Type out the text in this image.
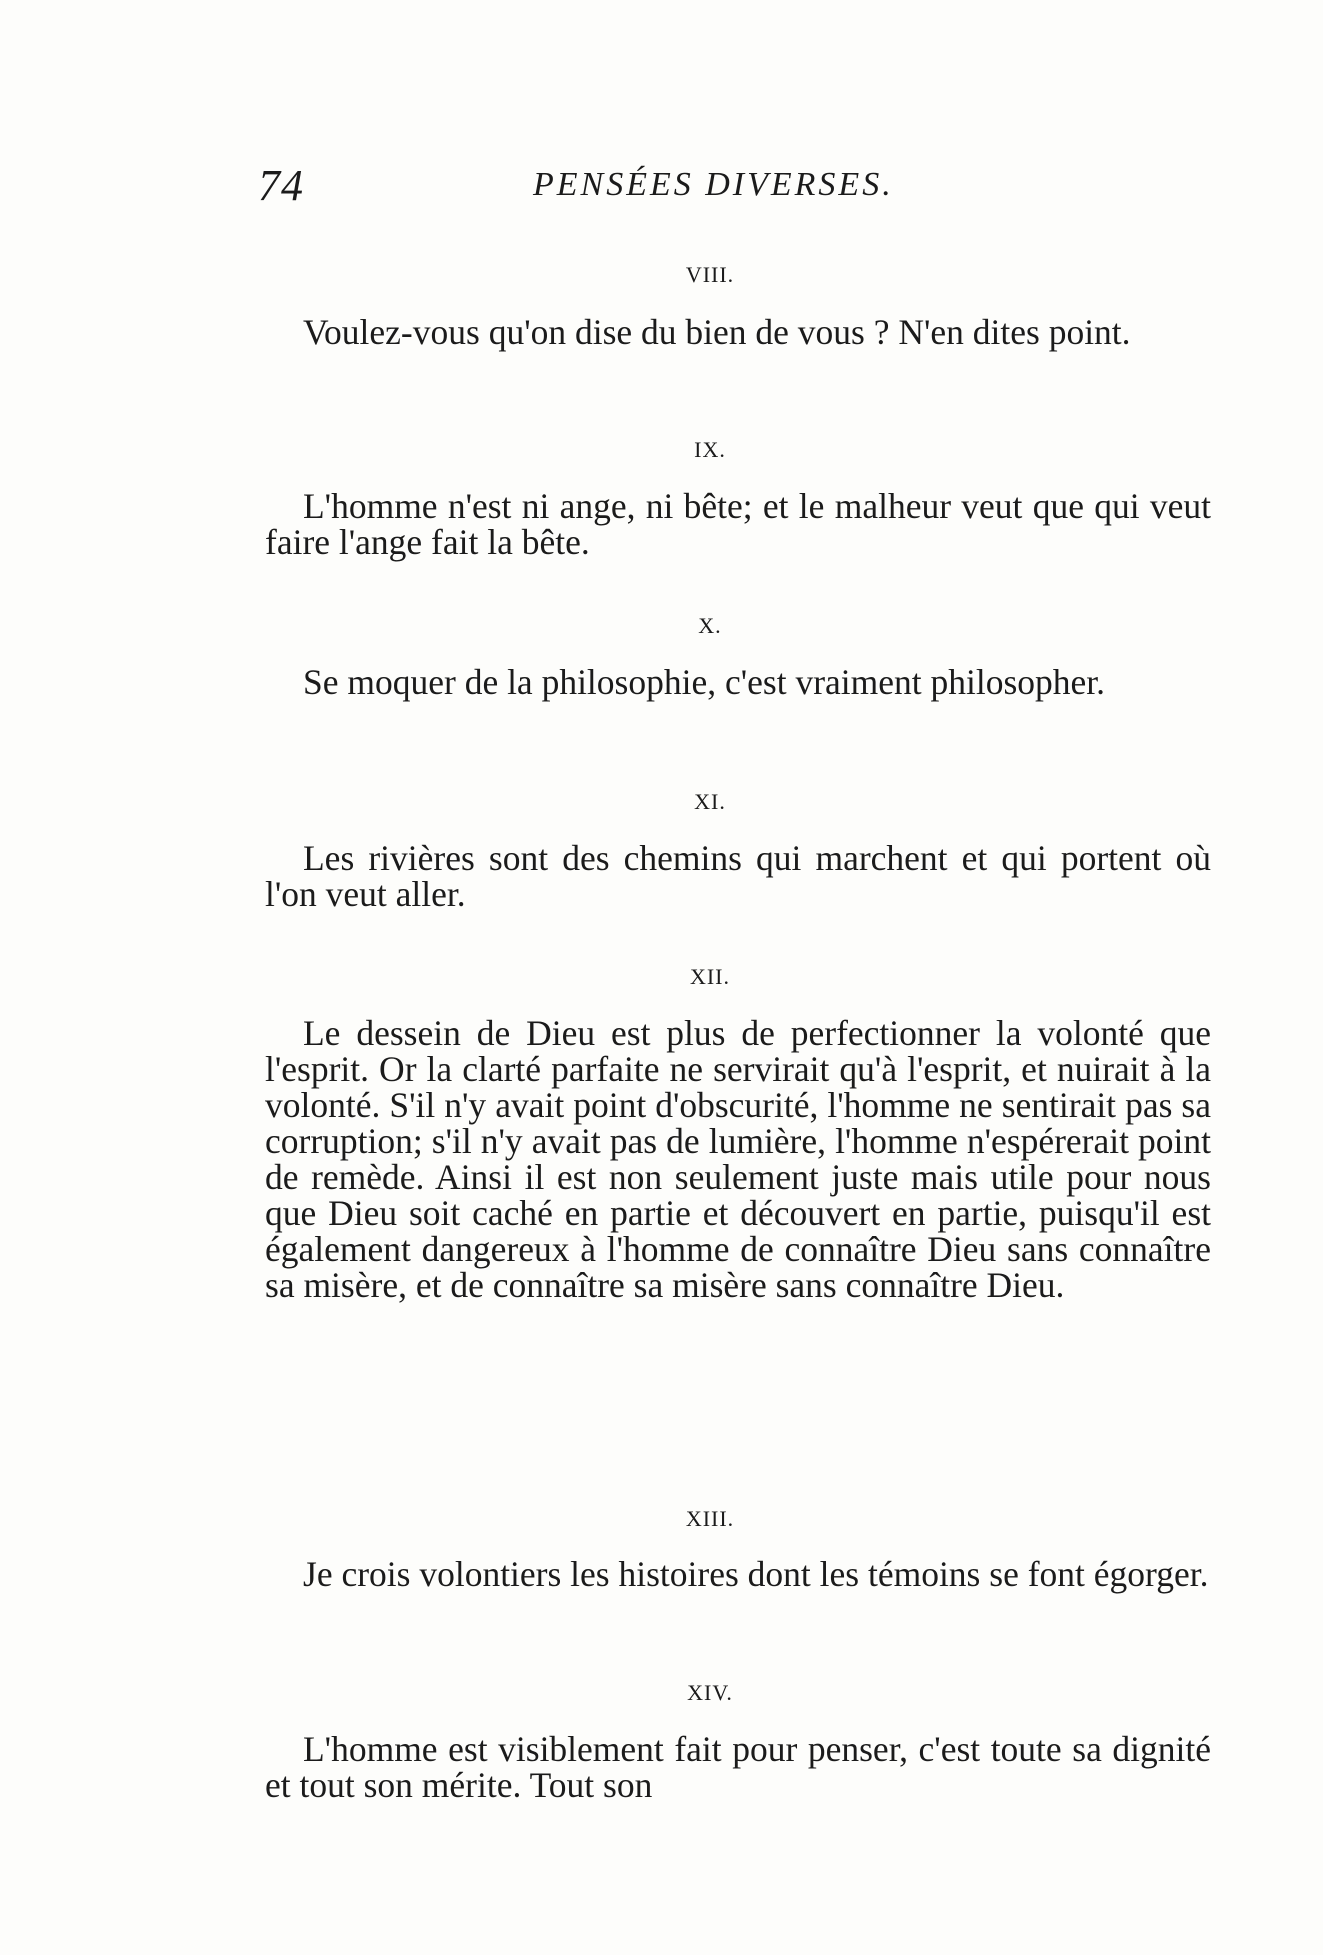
74	PENSÉES DIVERSES.
VIII.
Voulez-vous qu'on dise du bien de vous ? N'en dites point.
IX.
L'homme n'est ni ange, ni bête; et le malheur veut que qui veut faire l'ange fait la bête.
X.
Se moquer de la philosophie, c'est vraiment philosopher.
XI.
Les rivières sont des chemins qui marchent et qui portent où l'on veut aller.
XII.
Le dessein de Dieu est plus de perfectionner la volonté que l'esprit. Or la clarté parfaite ne servirait qu'à l'esprit, et nuirait à la volonté. S'il n'y avait point d'obscurité, l'homme ne sentirait pas sa corruption; s'il n'y avait pas de lumière, l'homme n'espérerait point de remède. Ainsi il est non seulement juste mais utile pour nous que Dieu soit caché en partie et découvert en partie, puisqu'il est également dangereux à l'homme de connaître Dieu sans connaître sa misère, et de connaître sa misère sans connaître Dieu.
XIII.
Je crois volontiers les histoires dont les témoins se font égorger.
XIV.
L'homme est visiblement fait pour penser, c'est toute sa dignité et tout son mérite. Tout son
